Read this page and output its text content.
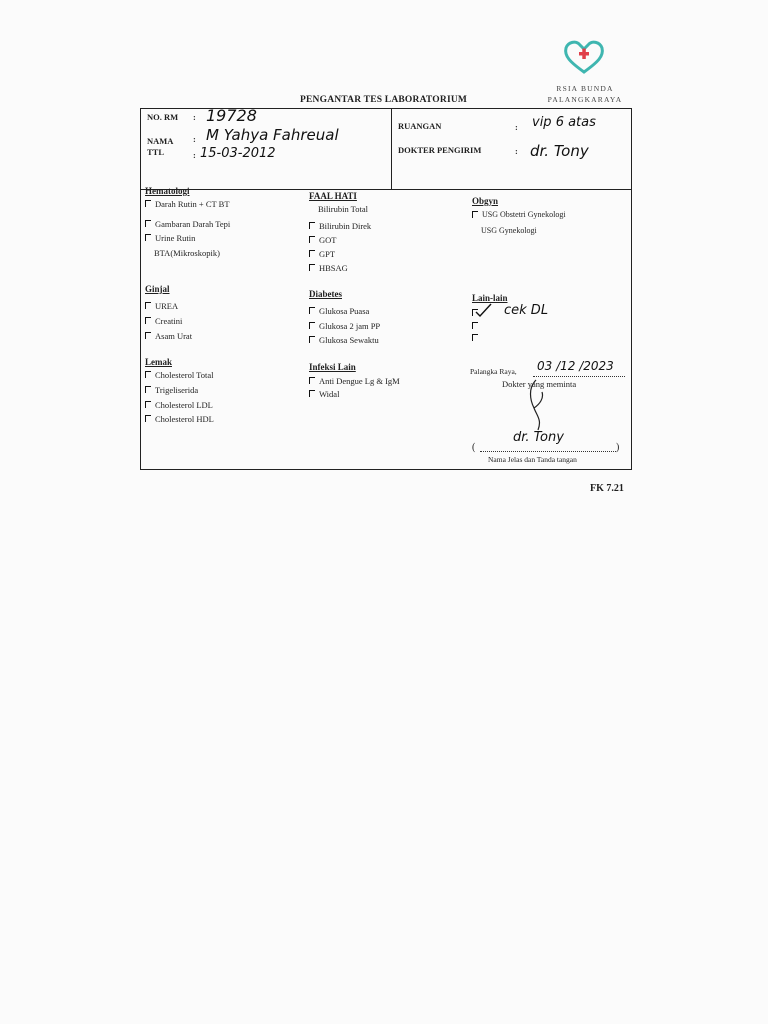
RSIA BUNDA
PALANGKARAYA
PENGANTAR TES LABORATORIUM
NO. RM : 19728
NAMA : M Yahya Fahreual
TTL	: 15-03-2012
RUANGAN	: vip 6 atas
DOKTER PENGIRIM	: dr. Tony
Hematologi
Darah Rutin + CT BT
Gambaran Darah Tepi
Urine Rutin
BTA(Mikroskopik)
Ginjal
UREA
Creatini
Asam Urat
Lemak
Cholesterol Total
Trigeliserida
Cholesterol LDL
Cholesterol HDL
FAAL HATI
Bilirubin Total
Bilirubin Direk
GOT
GPT
HBSAG
Diabetes
Glukosa Puasa
Glukosa 2 jam PP
Glukosa Sewaktu
Infeksi Lain
Anti Dengue Lg & IgM
Widal
Obgyn
USG Obstetri Gynekologi
USG Gynekologi
Lain-lain
cek DL
Palangka Raya, 03 /12 /2023
Dokter yang meminta
(
dr. Tony
)
Nama Jelas dan Tanda tangan
FK 7.21
